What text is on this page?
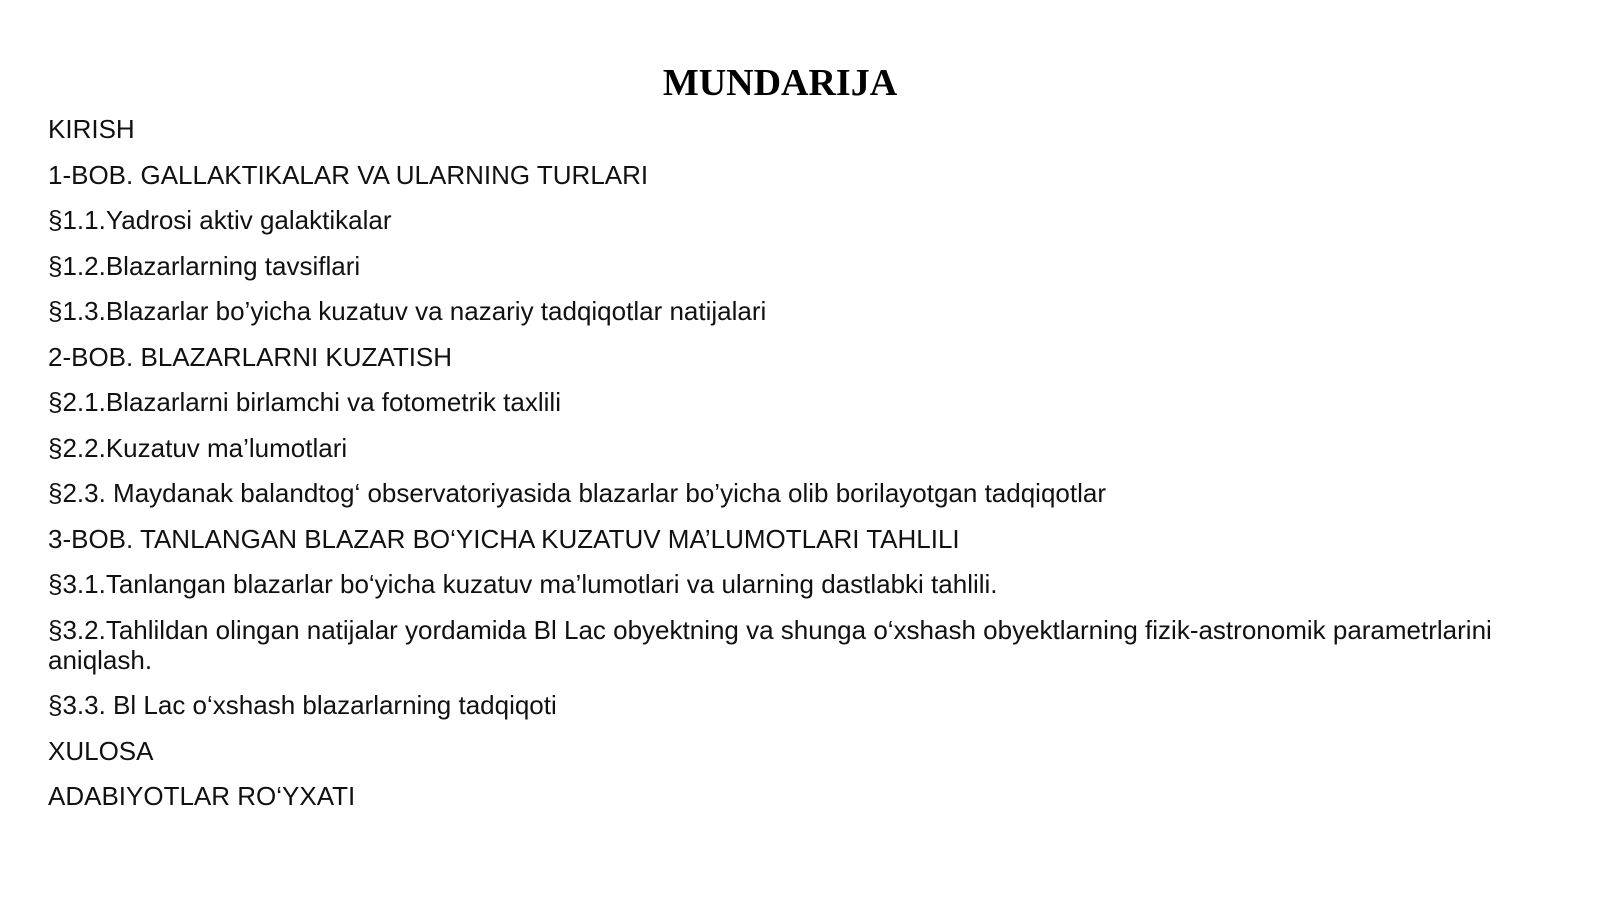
MUNDARIJA
KIRISH
1-BOB. GALLAKTIKALAR VA ULARNING TURLARI
§1.1.Yadrosi aktiv galaktikalar
§1.2.Blazarlarning tavsiflari
§1.3.Blazarlar bo’yicha kuzatuv va nazariy tadqiqotlar natijalari
2-BOB. BLAZARLARNI KUZATISH
§2.1.Blazarlarni birlamchi va fotometrik taxlili
§2.2.Kuzatuv ma’lumotlari
§2.3. Maydanak balandtog‘ observatoriyasida blazarlar bo’yicha olib borilayotgan tadqiqotlar
3-BOB. TANLANGAN BLAZAR BO‘YICHA KUZATUV MA’LUMOTLARI TAHLILI
§3.1.Tanlangan blazarlar bo‘yicha kuzatuv ma’lumotlari va ularning dastlabki tahlili.
§3.2.Tahlildan olingan natijalar yordamida Bl Lac obyektning va shunga o‘xshash obyektlarning fizik-astronomik parametrlarini aniqlash.
§3.3. Bl Lac o‘xshash blazarlarning tadqiqoti
XULOSA
ADABIYOTLAR RO‘YXATI
